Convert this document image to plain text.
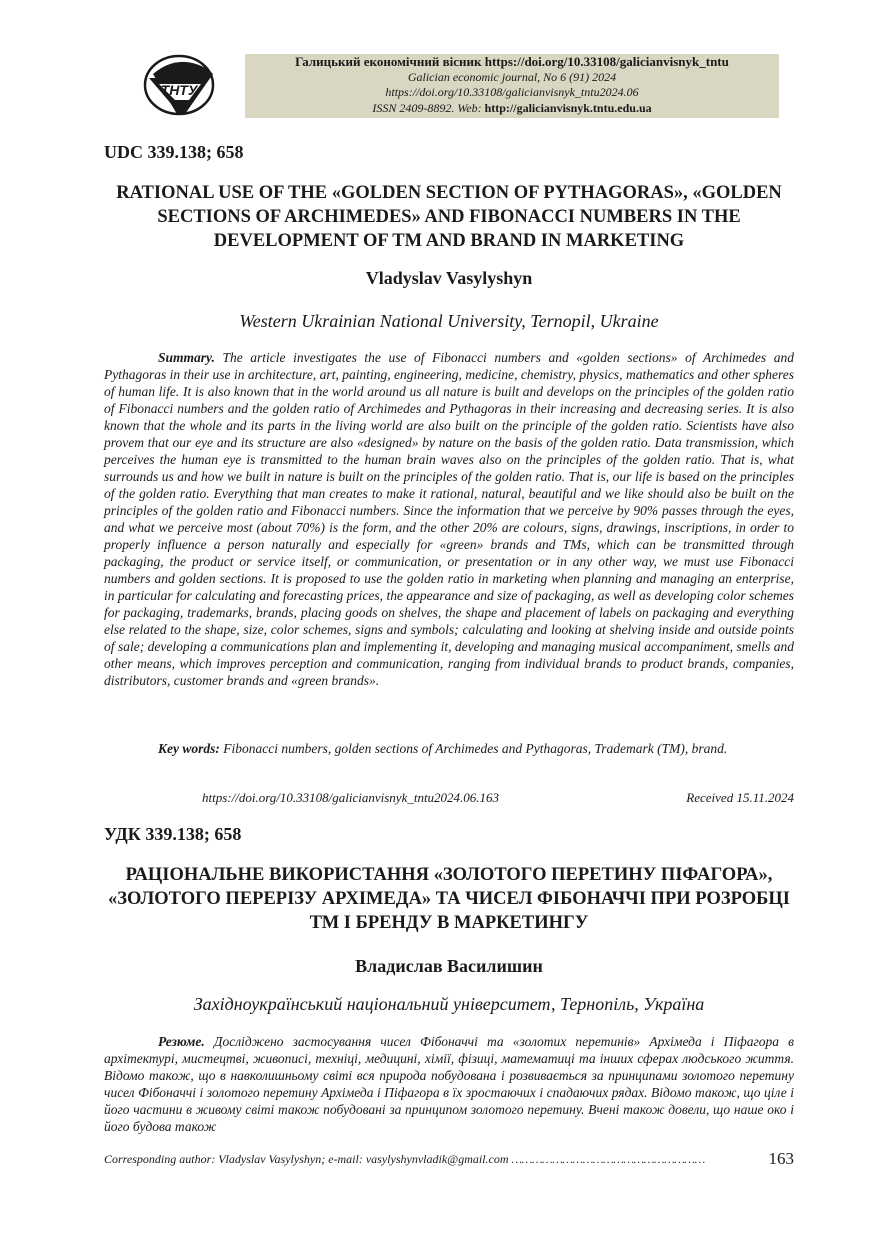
ТНТУ
Галицький економічний вісник https://doi.org/10.33108/galicianvisnyk_tntu
Galician economic journal, No 6 (91) 2024
https://doi.org/10.33108/galicianvisnyk_tntu2024.06
ISSN 2409-8892. Web: http://galicianvisnyk.tntu.edu.ua
UDC 339.138; 658
RATIONAL USE OF THE «GOLDEN SECTION OF PYTHAGORAS», «GOLDEN SECTIONS OF ARCHIMEDES» AND FIBONACCI NUMBERS IN THE DEVELOPMENT OF TM AND BRAND IN MARKETING
Vladyslav Vasylyshyn
Western Ukrainian National University, Ternopil, Ukraine
Summary. The article investigates the use of Fibonacci numbers and «golden sections» of Archimedes and Pythagoras in their use in architecture, art, painting, engineering, medicine, chemistry, physics, mathematics and other spheres of human life. It is also known that in the world around us all nature is built and develops on the principles of the golden ratio of Fibonacci numbers and the golden ratio of Archimedes and Pythagoras in their increasing and decreasing series. It is also known that the whole and its parts in the living world are also built on the principle of the golden ratio. Scientists have also provem that our eye and its structure are also «designed» by nature on the basis of the golden ratio. Data transmission, which perceives the human eye is transmitted to the human brain waves also on the principles of the golden ratio. That is, what surrounds us and how we built in nature is built on the principles of the golden ratio. That is, our life is based on the principles of the golden ratio. Everything that man creates to make it rational, natural, beautiful and we like should also be built on the principles of the golden ratio and Fibonacci numbers. Since the information that we perceive by 90% passes through the eyes, and what we perceive most (about 70%) is the form, and the other 20% are colours, signs, drawings, inscriptions, in order to properly influence a person naturally and especially for «green» brands and TMs, which can be transmitted through packaging, the product or service itself, or communication, or presentation or in any other way, we must use Fibonacci numbers and golden sections. It is proposed to use the golden ratio in marketing when planning and managing an enterprise, in particular for calculating and forecasting prices, the appearance and size of packaging, as well as developing color schemes for packaging, trademarks, brands, placing goods on shelves, the shape and placement of labels on packaging and everything else related to the shape, size, color schemes, signs and symbols; calculating and looking at shelving inside and outside points of sale; developing a communications plan and implementing it, developing and managing musical accompaniment, smells and other means, which improves perception and communication, ranging from individual brands to product brands, companies, distributors, customer brands and «green brands».
Key words: Fibonacci numbers, golden sections of Archimedes and Pythagoras, Trademark (TM), brand.
https://doi.org/10.33108/galicianvisnyk_tntu2024.06.163	Received 15.11.2024
УДК 339.138; 658
РАЦІОНАЛЬНЕ ВИКОРИСТАННЯ «ЗОЛОТОГО ПЕРЕТИНУ ПІФАГОРА», «ЗОЛОТОГО ПЕРЕРІЗУ АРХІМЕДА» ТА ЧИСЕЛ ФІБОНАЧЧІ ПРИ РОЗРОБЦІ ТМ І БРЕНДУ В МАРКЕТИНГУ
Владислав Василишин
Західноукраїнський національний університет, Тернопіль, Україна
Резюме. Досліджено застосування чисел Фібоначчі та «золотих перетинів» Архімеда і Піфагора в архітектурі, мистецтві, живописі, техніці, медицині, хімії, фізиці, математиці та інших сферах людського життя. Відомо також, що в навколишньому світі вся природа побудована і розвивається за принципами золотого перетину чисел Фібоначчі і золотого перетину Архімеда і Піфагора в їх зростаючих і спадаючих рядах. Відомо також, що ціле і його частини в живому світі також побудовані за принципом золотого перетину. Вчені також довели, що наше око і його будова також
Corresponding author: Vladyslav Vasylyshyn; e-mail: vasylyshynvladik@gmail.com …………………………………………………	163
